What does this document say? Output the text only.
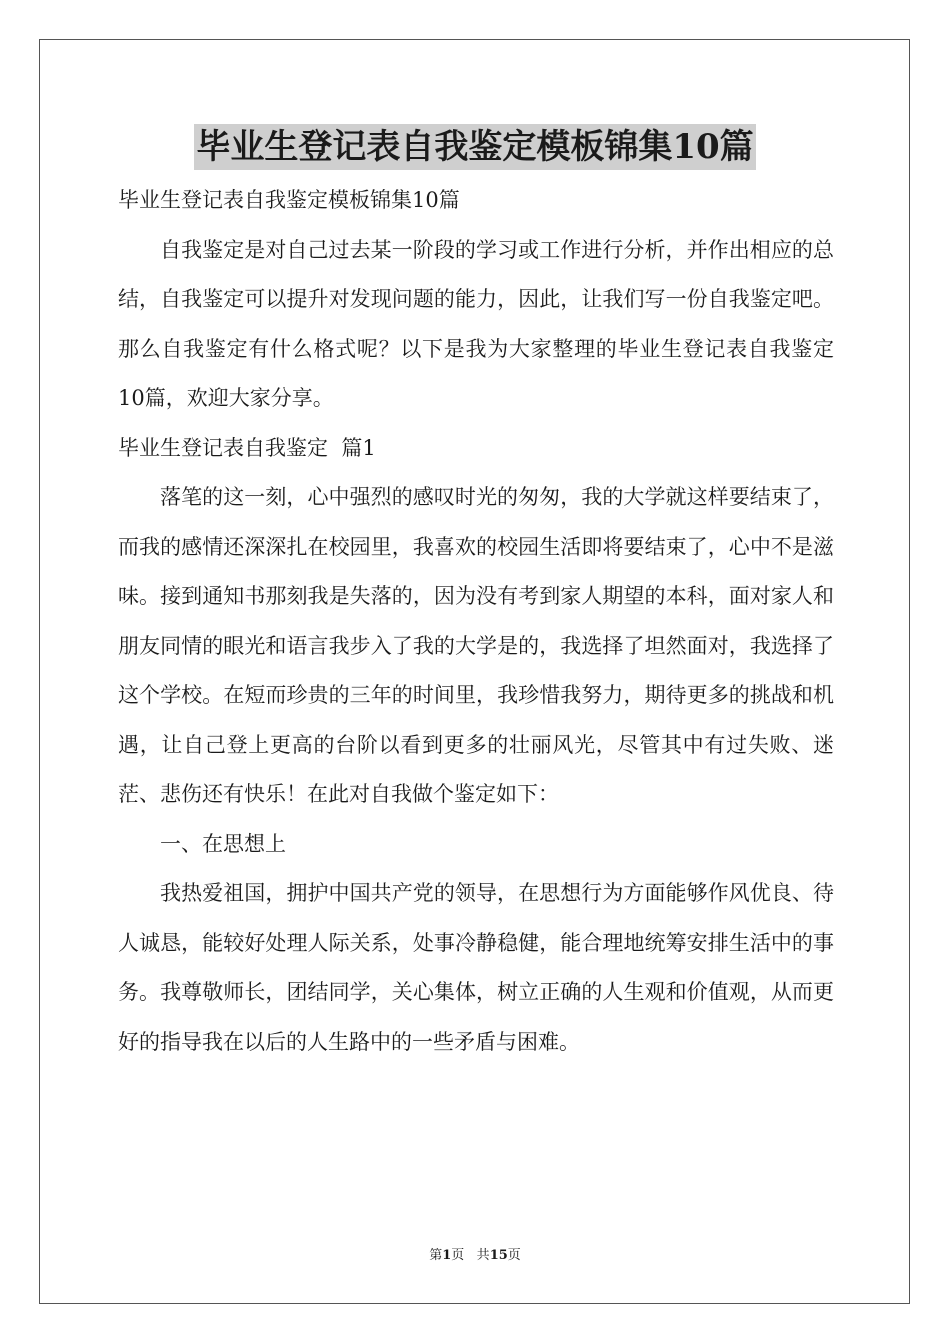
毕业生登记表自我鉴定模板锦集10篇

毕业生登记表自我鉴定模板锦集10篇

自我鉴定是对自己过去某一阶段的学习或工作进行分析，并作出相应的总结，自我鉴定可以提升对发现问题的能力，因此，让我们写一份自我鉴定吧。那么自我鉴定有什么格式呢？以下是我为大家整理的毕业生登记表自我鉴定10篇，欢迎大家分享。

毕业生登记表自我鉴定  篇1

落笔的这一刻，心中强烈的感叹时光的匆匆，我的大学就这样要结束了，而我的感情还深深扎在校园里，我喜欢的校园生活即将要结束了，心中不是滋味。接到通知书那刻我是失落的，因为没有考到家人期望的本科，面对家人和朋友同情的眼光和语言我步入了我的大学是的，我选择了坦然面对，我选择了这个学校。在短而珍贵的三年的时间里，我珍惜我努力，期待更多的挑战和机遇，让自己登上更高的台阶以看到更多的壮丽风光，尽管其中有过失败、迷茫、悲伤还有快乐！在此对自我做个鉴定如下：

一、在思想上

我热爱祖国，拥护中国共产党的领导，在思想行为方面能够作风优良、待人诚恳，能较好处理人际关系，处事冷静稳健，能合理地统筹安排生活中的事务。我尊敬师长，团结同学，关心集体，树立正确的人生观和价值观，从而更好的指导我在以后的人生路中的一些矛盾与困难。

第1页 共15页
